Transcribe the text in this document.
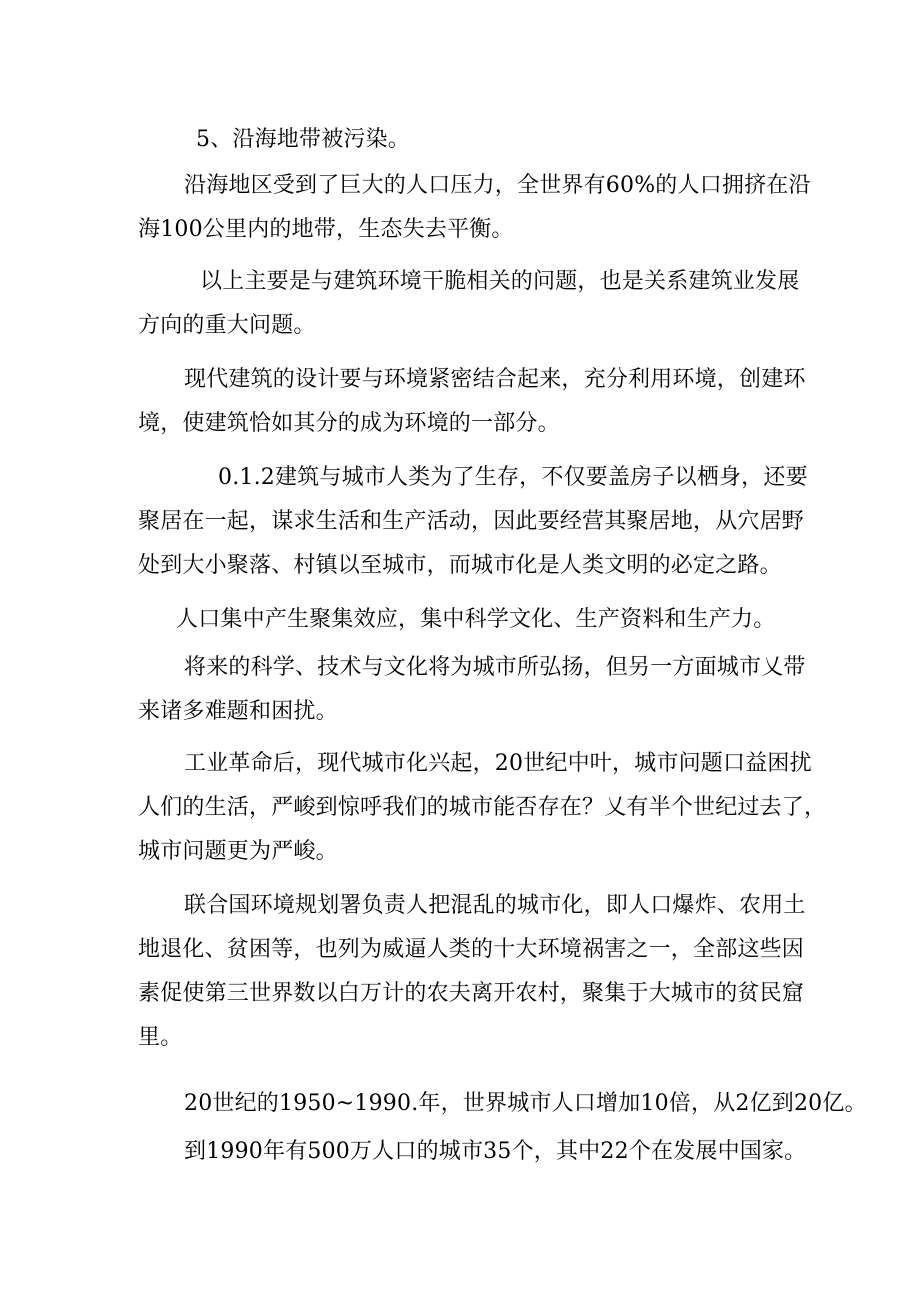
5、沿海地带被污染。

沿海地区受到了巨大的人口压力，全世界有60%的人口拥挤在沿
海100公里内的地带，生态失去平衡。

以上主要是与建筑环境干脆相关的问题，也是关系建筑业发展
方向的重大问题。

现代建筑的设计要与环境紧密结合起来，充分利用环境，创建环
境，使建筑恰如其分的成为环境的一部分。

0.1.2建筑与城市人类为了生存，不仅要盖房子以栖身，还要
聚居在一起，谋求生活和生产活动，因此要经营其聚居地，从穴居野
处到大小聚落、村镇以至城市，而城市化是人类文明的必定之路。

人口集中产生聚集效应，集中科学文化、生产资料和生产力。

将来的科学、技术与文化将为城市所弘扬，但另一方面城市乂带
来诸多难题和困扰。

工业革命后，现代城市化兴起，20世纪中叶，城市问题口益困扰
人们的生活，严峻到惊呼我们的城市能否存在？乂有半个世纪过去了，
城市问题更为严峻。

联合国环境规划署负责人把混乱的城市化，即人口爆炸、农用土
地退化、贫困等，也列为威逼人类的十大环境祸害之一，全部这些因
素促使第三世界数以白万计的农夫离开农村，聚集于大城市的贫民窟
里。

20世纪的1950~1990.年，世界城市人口增加10倍，从2亿到20亿。

到1990年有500万人口的城市35个，其中22个在发展中国家。
